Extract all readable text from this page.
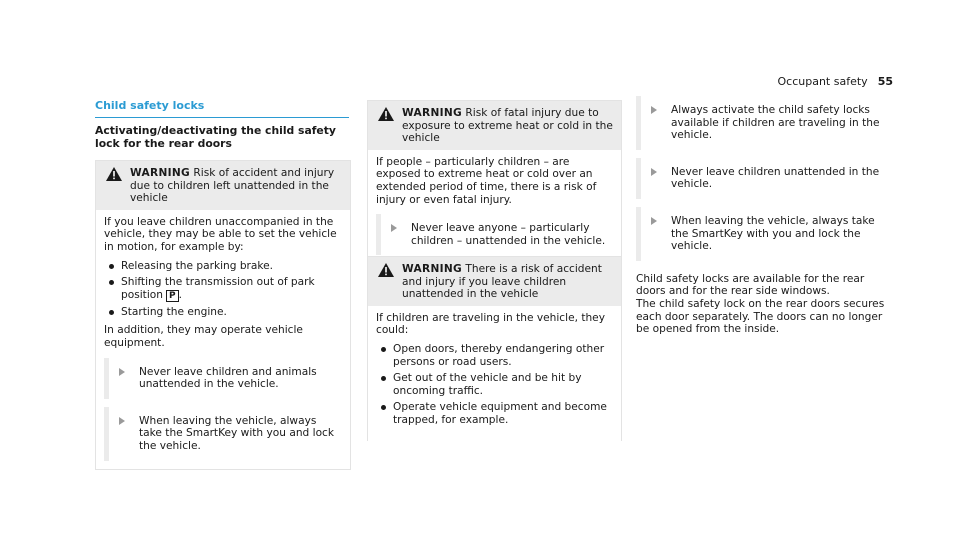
Occupant safety 55
Child safety locks
Activating/deactivating the child safety lock for the rear doors
WARNING Risk of accident and injury due to children left unattended in the vehicle

If you leave children unaccompanied in the vehicle, they may be able to set the vehicle in motion, for example by:

Releasing the parking brake.
Shifting the transmission out of park position P .
Starting the engine.

In addition, they may operate vehicle equipment.

Never leave children and animals unattended in the vehicle.
When leaving the vehicle, always take the SmartKey with you and lock the vehicle.
WARNING Risk of fatal injury due to exposure to extreme heat or cold in the vehicle

If people – particularly children – are exposed to extreme heat or cold over an extended period of time, there is a risk of injury or even fatal injury.

Never leave anyone – particularly children – unattended in the vehicle.
WARNING There is a risk of accident and injury if you leave children unattended in the vehicle

If children are traveling in the vehicle, they could:

Open doors, thereby endangering other persons or road users.
Get out of the vehicle and be hit by oncoming traffic.
Operate vehicle equipment and become trapped, for example.
Always activate the child safety locks available if children are traveling in the vehicle.
Never leave children unattended in the vehicle.
When leaving the vehicle, always take the SmartKey with you and lock the vehicle.

Child safety locks are available for the rear doors and for the rear side windows.

The child safety lock on the rear doors secures each door separately. The doors can no longer be opened from the inside.
